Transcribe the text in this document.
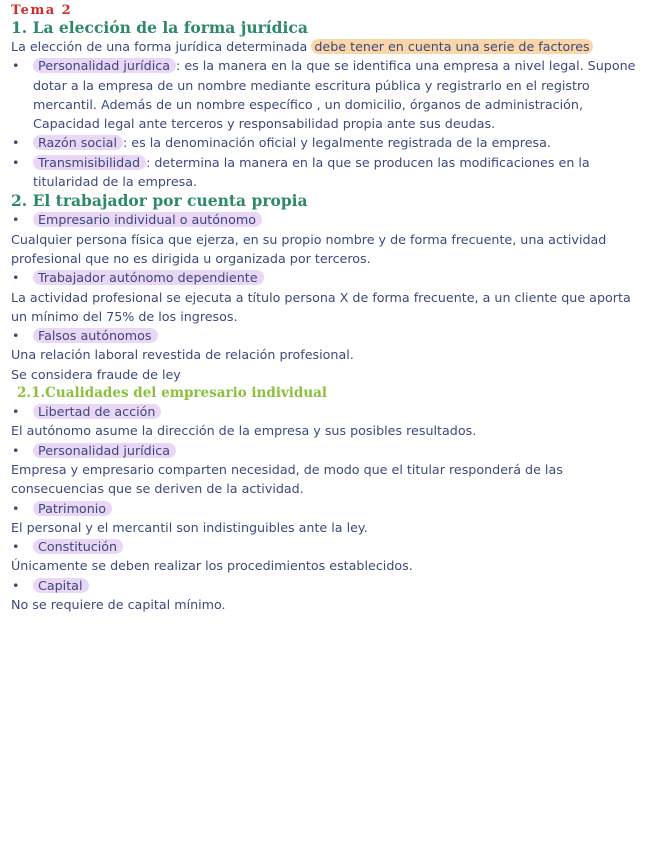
Tema 2
1. La elección de la forma jurídica

La elección de una forma jurídica determinada debe tener en cuenta una serie de factores

• Personalidad jurídica : es la manera en la que se identifica una empresa a nivel legal. Supone dotar a la empresa de un nombre mediante escritura pública y registrarlo en el registro mercantil. Además de un nombre específico , un domicilio, órganos de administración, Capacidad legal ante terceros y responsabilidad propia ante sus deudas.
• Razón social : es la denominación oficial y legalmente registrada de la empresa.
• Transmisibilidad : determina la manera en la que se producen las modificaciones en la titularidad de la empresa.
2. El trabajador por cuenta propia
• Empresario individual o autónomo

Cualquier persona física que ejerza, en su propio nombre y de forma frecuente, una actividad profesional que no es dirigida u organizada por terceros.

• Trabajador autónomo dependiente

La actividad profesional se ejecuta a título persona X de forma frecuente, a un cliente que aporta un mínimo del 75% de los ingresos.

• Falsos autónomos

Una relación laboral revestida de relación profesional.

Se considera fraude de ley

2.1.Cualidades del empresario individual
• Libertad de acción

El autónomo asume la dirección de la empresa y sus posibles resultados.

• Personalidad jurídica

Empresa y empresario comparten necesidad, de modo que el titular responderá de las consecuencias que se deriven de la actividad.

• Patrimonio

El personal y el mercantil son indistinguibles ante la ley.

• Constitución

Únicamente se deben realizar los procedimientos establecidos.

• Capital

No se requiere de capital mínimo.
